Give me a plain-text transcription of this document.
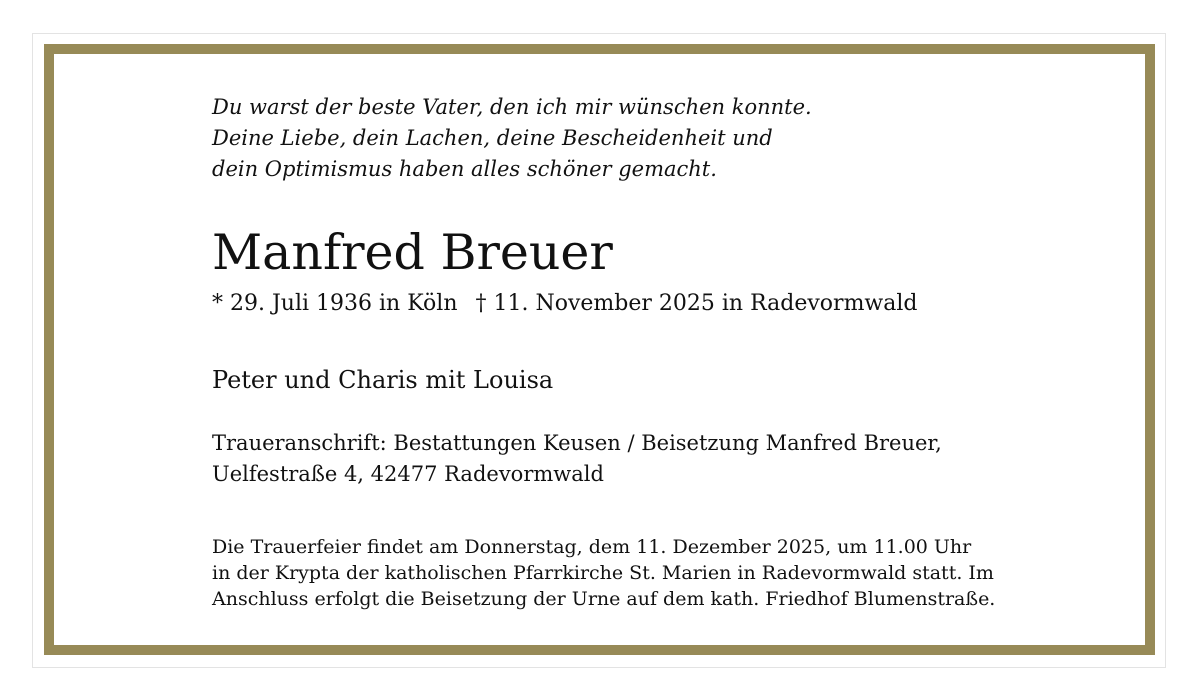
Du warst der beste Vater, den ich mir wünschen konnte.
Deine Liebe, dein Lachen, deine Bescheidenheit und
dein Optimismus haben alles schöner gemacht.
Manfred Breuer
* 29. Juli 1936 in Köln † 11. November 2025 in Radevormwald
Peter und Charis mit Louisa
Traueranschrift: Bestattungen Keusen / Beisetzung Manfred Breuer,
Uelfestraße 4, 42477 Radevormwald
Die Trauerfeier findet am Donnerstag, dem 11. Dezember 2025, um 11.00 Uhr
in der Krypta der katholischen Pfarrkirche St. Marien in Radevormwald statt. Im
Anschluss erfolgt die Beisetzung der Urne auf dem kath. Friedhof Blumenstraße.
